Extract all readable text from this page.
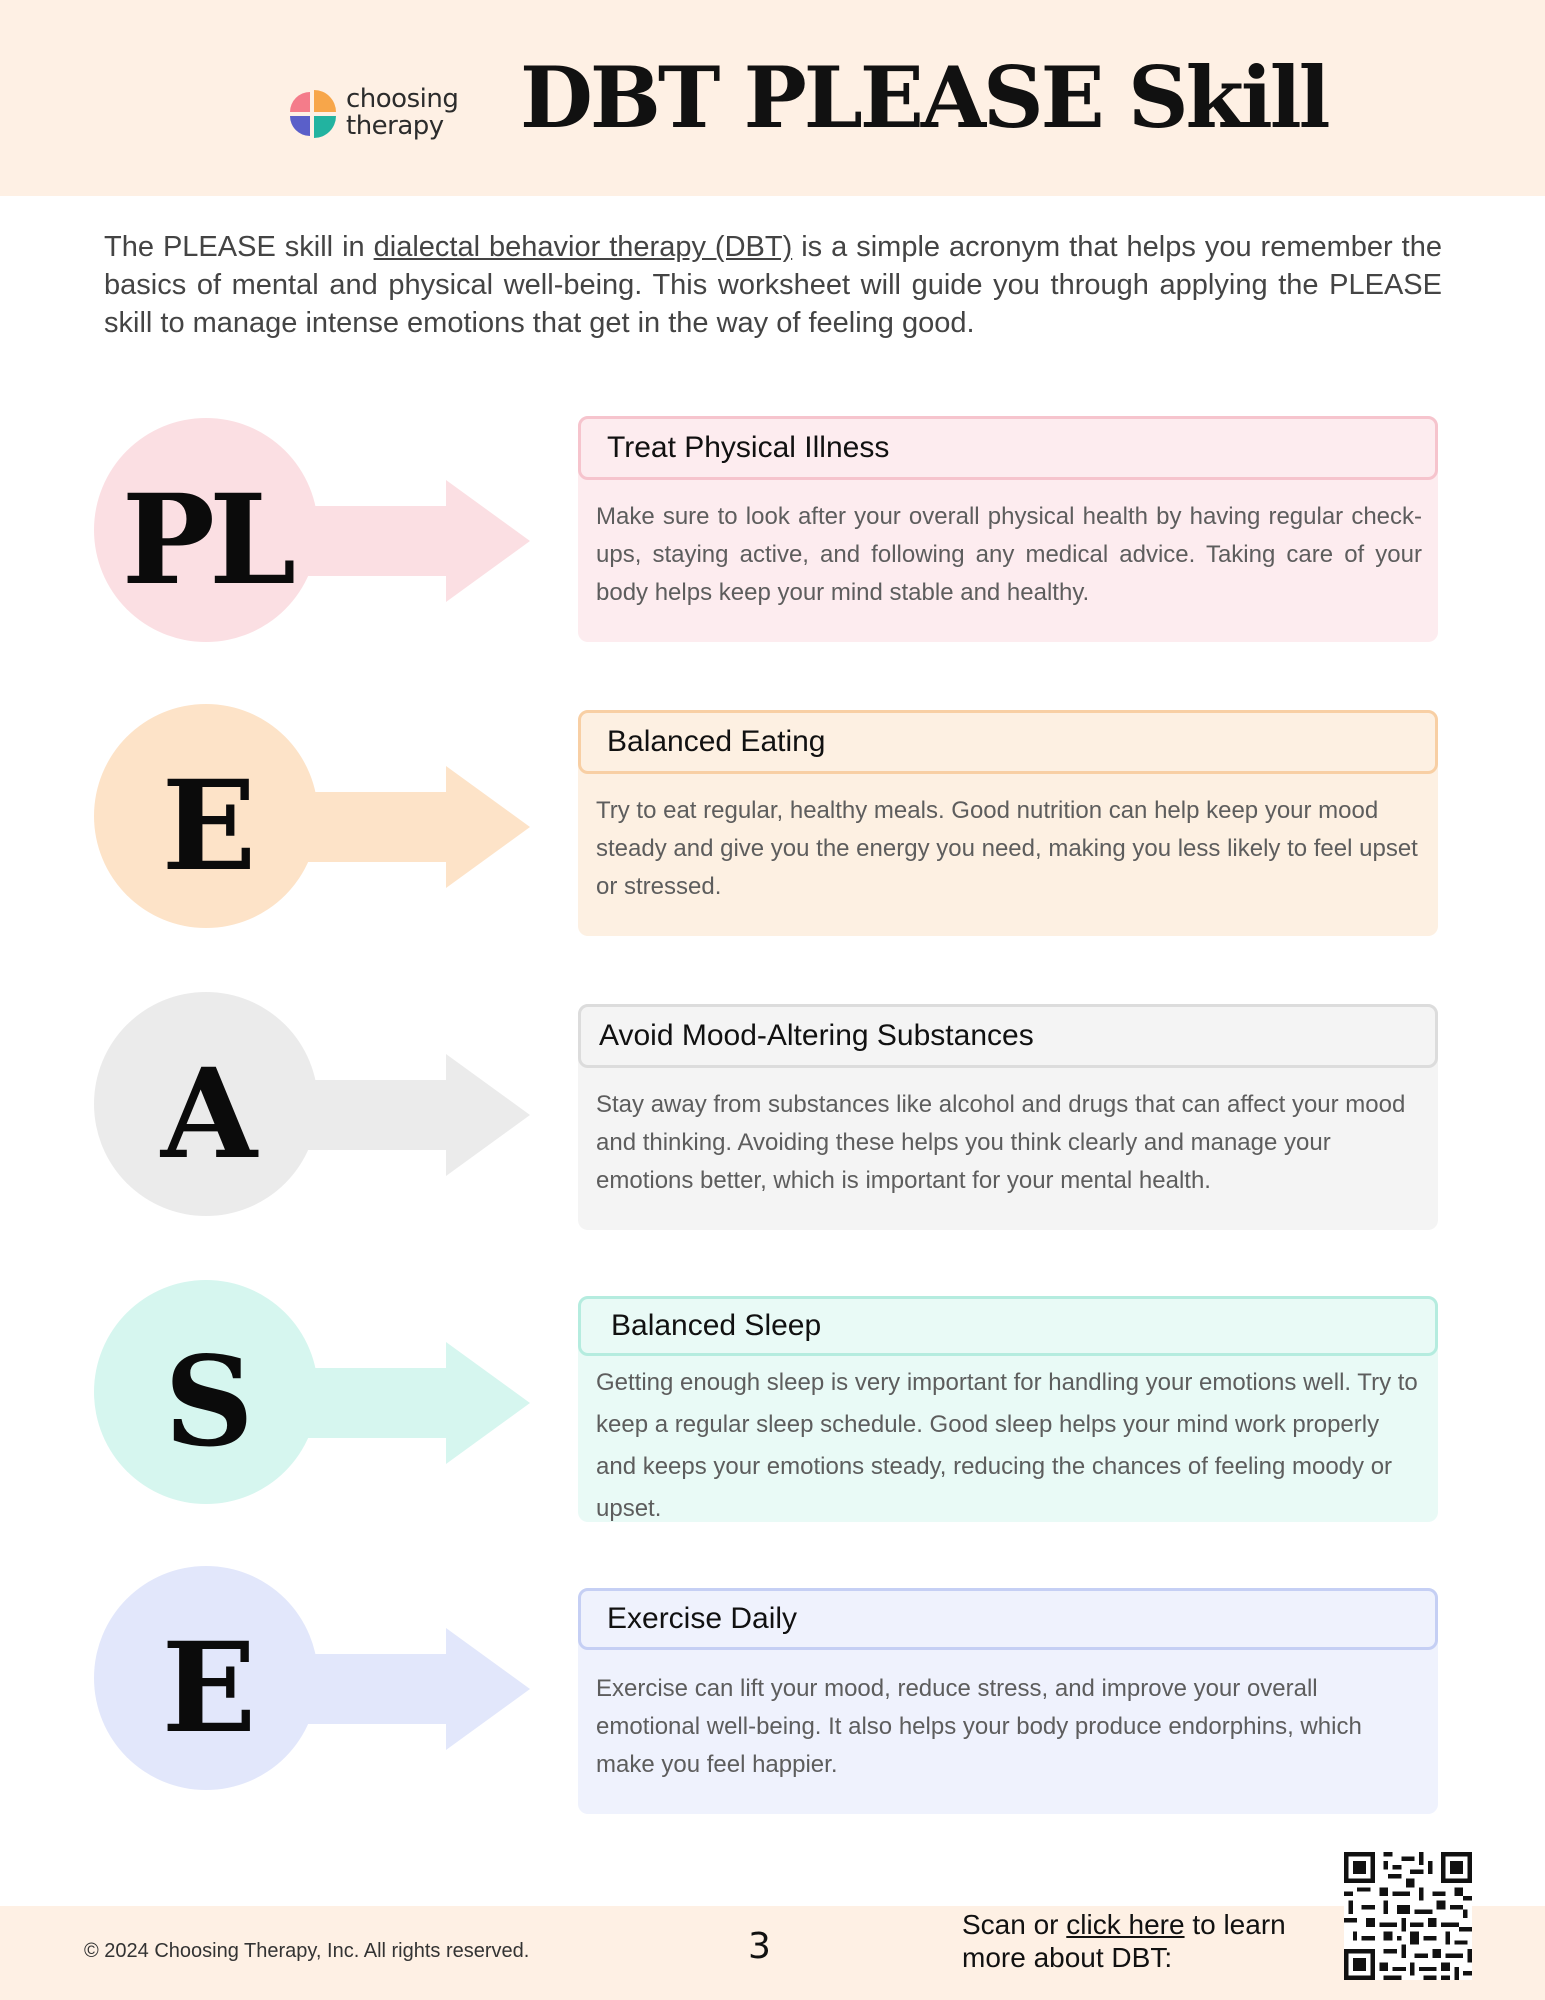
choosing
therapy DBT PLEASE Skill

The PLEASE skill in dialectal behavior therapy (DBT) is a simple acronym that helps you remember the basics of mental and physical well-being. This worksheet will guide you through applying the PLEASE skill to manage intense emotions that get in the way of feeling good.

PL
Treat Physical Illness
Make sure to look after your overall physical health by having regular check-ups, staying active, and following any medical advice. Taking care of your body helps keep your mind stable and healthy.
E
Balanced Eating
Try to eat regular, healthy meals. Good nutrition can help keep your mood steady and give you the energy you need, making you less likely to feel upset or stressed.
A
Avoid Mood-Altering Substances
Stay away from substances like alcohol and drugs that can affect your mood and thinking. Avoiding these helps you think clearly and manage your emotions better, which is important for your mental health.
S
Balanced Sleep
Getting enough sleep is very important for handling your emotions well. Try to keep a regular sleep schedule. Good sleep helps your mind work properly and keeps your emotions steady, reducing the chances of feeling moody or upset.
E	Exercise Daily
Exercise can lift your mood, reduce stress, and improve your overall emotional well-being. It also helps your body produce endorphins, which make you feel happier.
© 2024 Choosing Therapy, Inc. All rights reserved.	3
Scan or click here to learn more about DBT:
